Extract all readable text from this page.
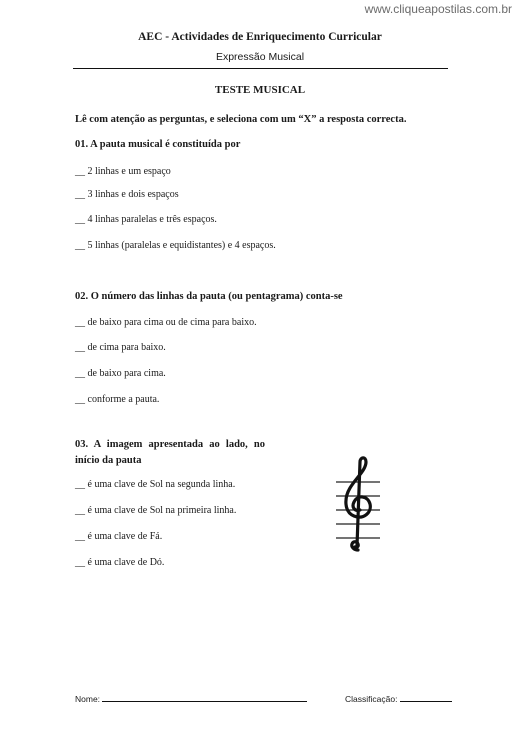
www.cliqueapostilas.com.br
AEC - Actividades de Enriquecimento Curricular
Expressão Musical
TESTE MUSICAL
Lê com atenção as perguntas, e seleciona com um “X” a resposta correcta.
01. A pauta musical é constituída por
__ 2 linhas e um espaço
__ 3 linhas e dois espaços
__ 4 linhas paralelas e três espaços.
__ 5 linhas (paralelas e equidistantes) e 4 espaços.
02. O número das linhas da pauta (ou pentagrama) conta-se
__ de baixo para cima ou de cima para baixo.
__ de cima para baixo.
__ de baixo para cima.
__ conforme a pauta.
03. A imagem apresentada ao lado, no início da pauta
__ é uma clave de Sol na segunda linha.
__ é uma clave de Sol na primeira linha.
__ é uma clave de Fá.
__ é uma clave de Dó.
Nome:	Classificação:
